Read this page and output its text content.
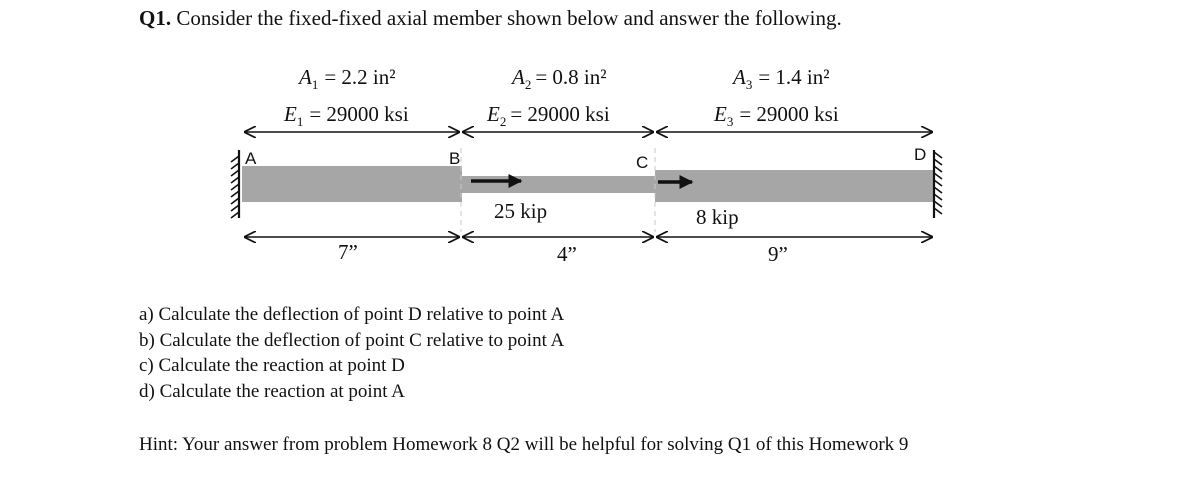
Q1. Consider the fixed-fixed axial member shown below and answer the following.
$A_1 = 2.2$ in²
$E_1 = 29000$ ksi
$A_2 = 0.8$ in²
$E_2 = 29000$ ksi
$A_3 = 1.4$ in²
$E_3 = 29000$ ksi
A	B	C	D
25 kip	8 kip
7”	4”	9”
a) Calculate the deflection of point D relative to point A
b) Calculate the deflection of point C relative to point A
c) Calculate the reaction at point D
d) Calculate the reaction at point A
Hint: Your answer from problem Homework 8 Q2 will be helpful for solving Q1 of this Homework 9
